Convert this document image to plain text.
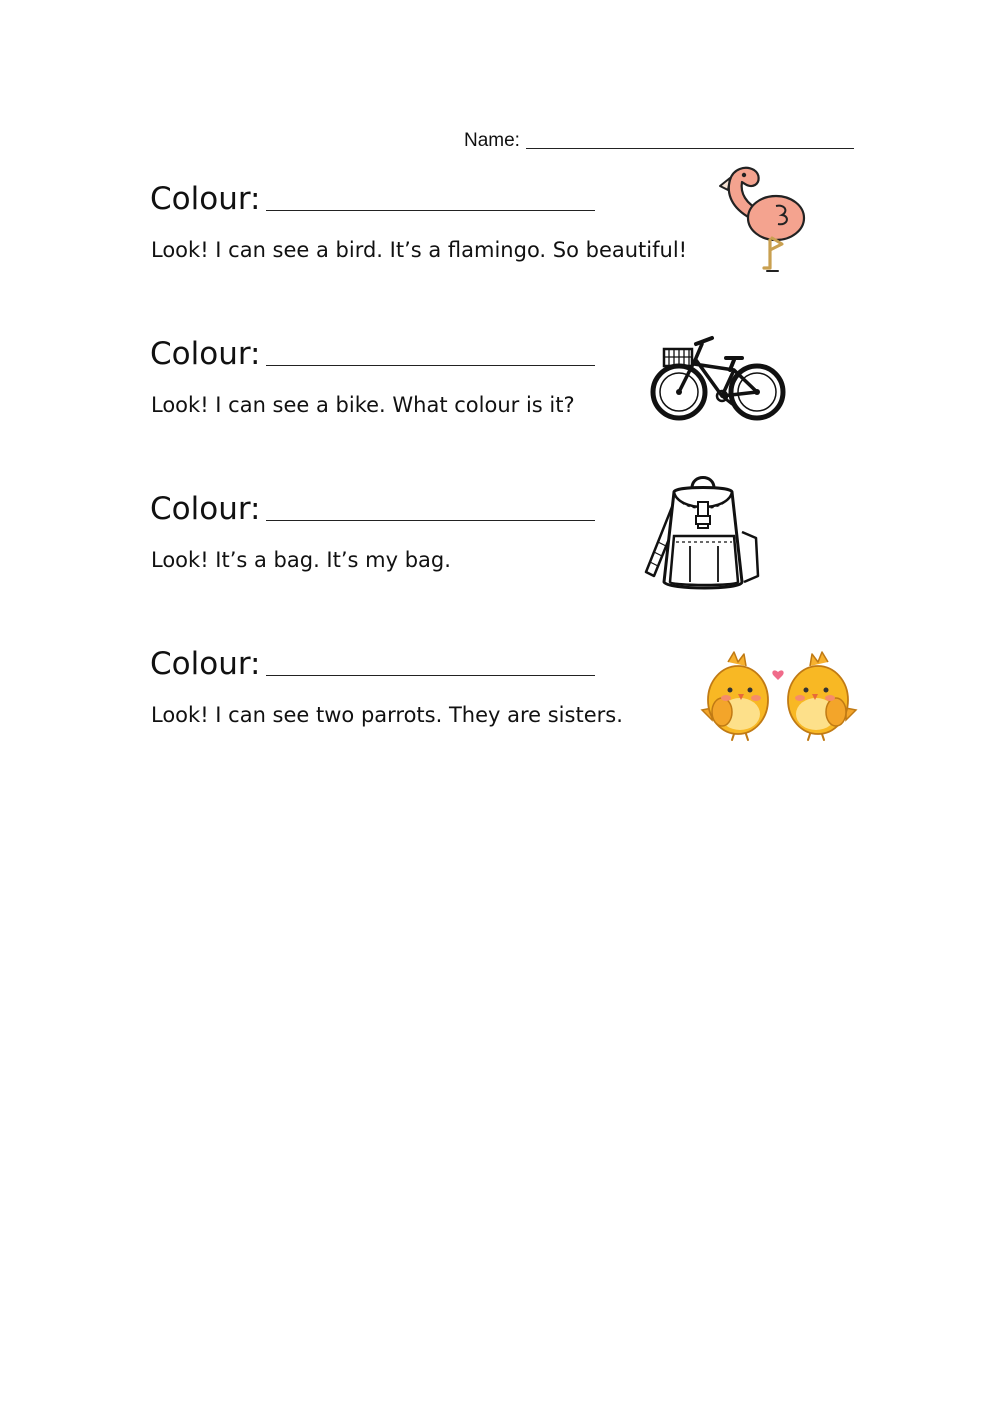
Name:
Colour:
Look! I can see a bird. It’s a flamingo. So beautiful!
Colour:
Look! I can see a bike. What colour is it?
Colour:
Look! It’s a bag. It’s my bag.
Colour:
Look! I can see two parrots. They are sisters.
